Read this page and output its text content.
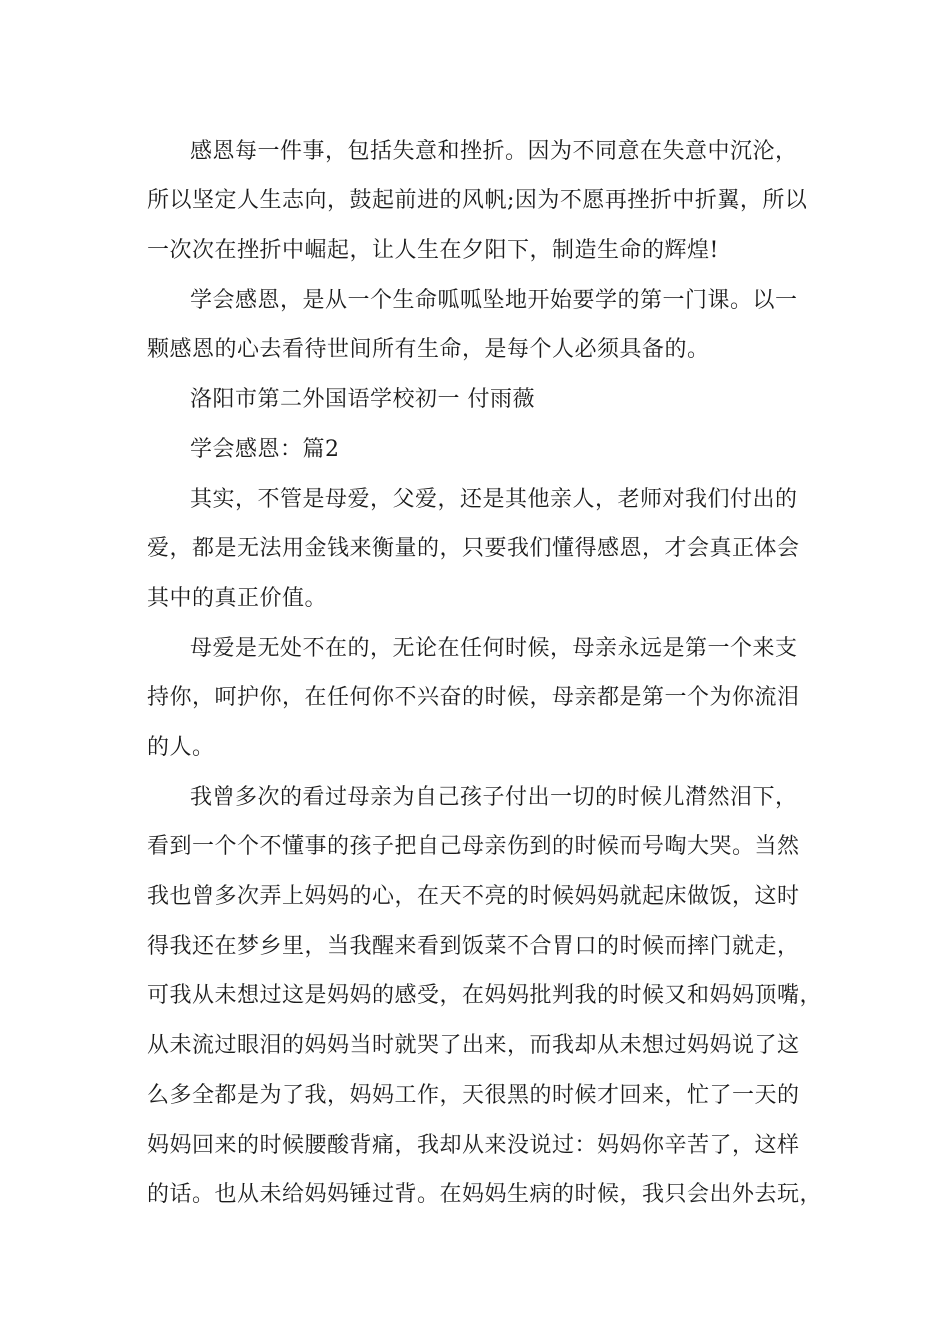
感恩每一件事，包括失意和挫折。因为不同意在失意中沉沦，
所以坚定人生志向，鼓起前进的风帆;因为不愿再挫折中折翼，所以
一次次在挫折中崛起，让人生在夕阳下，制造生命的辉煌!
学会感恩，是从一个生命呱呱坠地开始要学的第一门课。以一
颗感恩的心去看待世间所有生命，是每个人必须具备的。
洛阳市第二外国语学校初一 付雨薇
学会感恩：篇2
其实，不管是母爱，父爱，还是其他亲人，老师对我们付出的
爱，都是无法用金钱来衡量的，只要我们懂得感恩，才会真正体会
其中的真正价值。
母爱是无处不在的，无论在任何时候，母亲永远是第一个来支
持你，呵护你，在任何你不兴奋的时候，母亲都是第一个为你流泪
的人。
我曾多次的看过母亲为自己孩子付出一切的时候儿潸然泪下，
看到一个个不懂事的孩子把自己母亲伤到的时候而号啕大哭。当然
我也曾多次弄上妈妈的心，在天不亮的时候妈妈就起床做饭，这时
得我还在梦乡里，当我醒来看到饭菜不合胃口的时候而摔门就走，
可我从未想过这是妈妈的感受，在妈妈批判我的时候又和妈妈顶嘴，
从未流过眼泪的妈妈当时就哭了出来，而我却从未想过妈妈说了这
么多全都是为了我，妈妈工作，天很黑的时候才回来，忙了一天的
妈妈回来的时候腰酸背痛，我却从来没说过：妈妈你辛苦了，这样
的话。也从未给妈妈锤过背。在妈妈生病的时候，我只会出外去玩，
